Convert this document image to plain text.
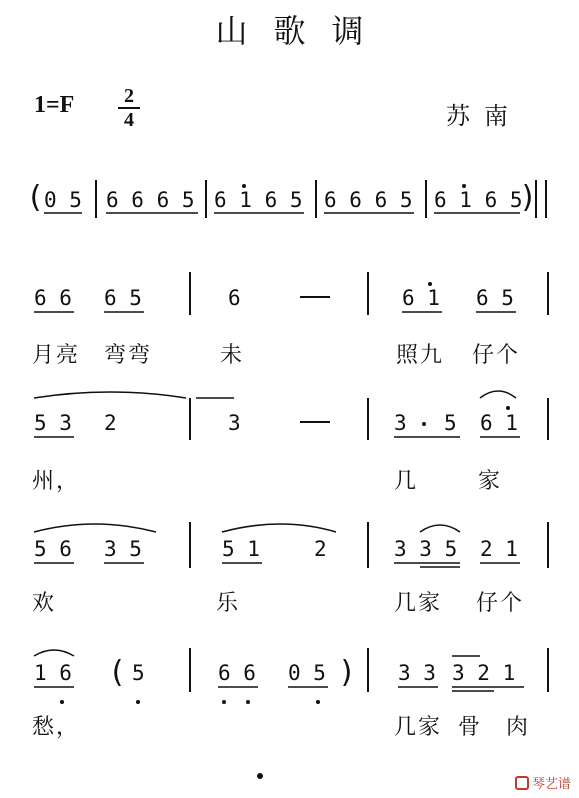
山歌调
1=F	2
4	苏南
( 0 5 6 6 6 5 6 1 6 5 6 6 6 5 6 1 6 5
)
6 6 6 5	6	6 1 6 5
5 3 2	3	3 5 6 1
5 6 3 5	5 1	2	3 3 5 2 1
1 6 ( 5	6 6 0 5 ) 3 3 3 2 1
月亮 弯弯	未	照九 仔个
州，	几	家
欢	乐	几家 仔个
愁，	几家 骨 肉
琴艺谱
